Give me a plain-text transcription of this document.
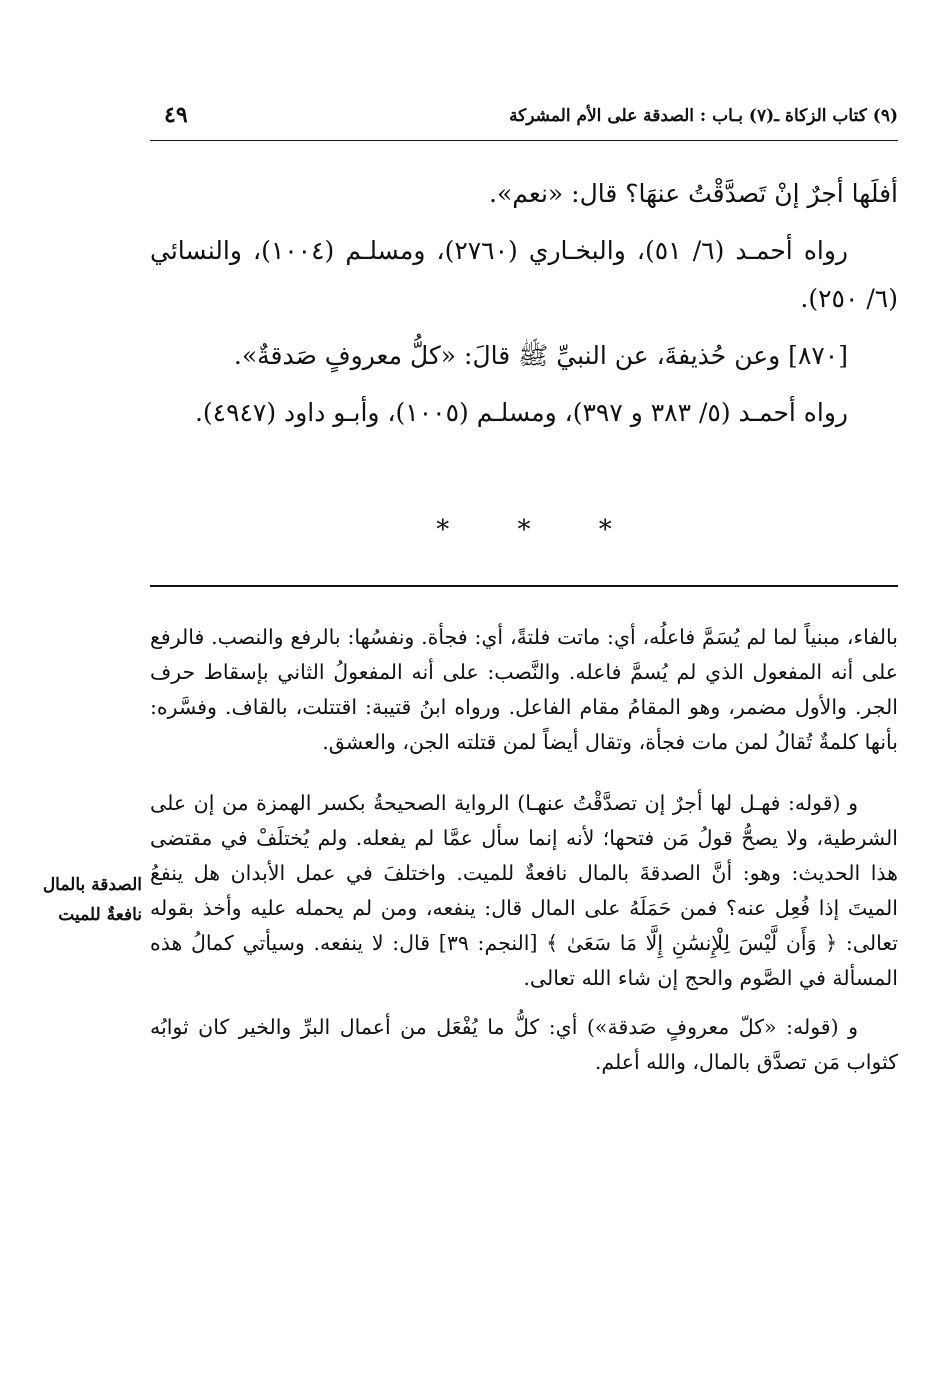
(٩) كتاب الزكاة ـ(٧) بـاب : الصدقة على الأم المشركة
٤٩

أفلَها أجرٌ إنْ تَصدَّقْتُ عنهَا؟ قال: «نعم».

رواه أحمـد (٦/ ٥١)، والبخـاري (٢٧٦٠)، ومسلـم (١٠٠٤)، والنسائي (٦/ ٢٥٠).

[٨٧٠] وعن حُذيفةَ، عن النبيِّ ﷺ قالَ: «كلُّ معروفٍ صَدقةٌ».

رواه أحمـد (٥/ ٣٨٣ و ٣٩٧)، ومسلـم (١٠٠٥)، وأبـو داود (٤٩٤٧).

* * *

بالفاء، مبنياً لما لم يُسَمَّ فاعلُه، أي: ماتت فلتةً، أي: فجأة. ونفسُها: بالرفع والنصب. فالرفع على أنه المفعول الذي لم يُسمَّ فاعله. والنَّصب: على أنه المفعولُ الثاني بإسقاط حرف الجر. والأول مضمر، وهو المقامُ مقام الفاعل. ورواه ابنُ قتيبة: اقتتلت، بالقاف. وفسَّره: بأنها كلمةٌ تُقالُ لمن مات فجأة، وتقال أيضاً لمن قتلته الجن، والعشق.

و (قوله: فهـل لها أجرٌ إن تصدَّقْتُ عنهـا) الرواية الصحيحةُ بكسر الهمزة من إن على الشرطية، ولا يصحُّ قولُ مَن فتحها؛ لأنه إنما سأل عمَّا لم يفعله. ولم يُختلَفْ في مقتضى هذا الحديث: وهو: أنَّ الصدقةَ بالمال نافعةٌ للميت. واختلفَ في عمل الأبدان هل ينفعُ الميتَ إذا فُعِل عنه؟ فمن حَمَلَهُ على المال قال: ينفعه، ومن لم يحمله عليه وأخذ بقوله تعالى: ﴿ وَأَن لَّيْسَ لِلْإِنسَٰنِ إِلَّا مَا سَعَىٰ ﴾ [النجم: ٣٩] قال: لا ينفعه. وسيأتي كمالُ هذه المسألة في الصَّوم والحج إن شاء الله تعالى.

و (قوله: «كلّ معروفٍ صَدقة») أي: كلُّ ما يُفْعَل من أعمال البرِّ والخير كان ثوابُه كثواب مَن تصدَّق بالمال، والله أعلم.

الصدقة بالمال نافعةٌ للميت
